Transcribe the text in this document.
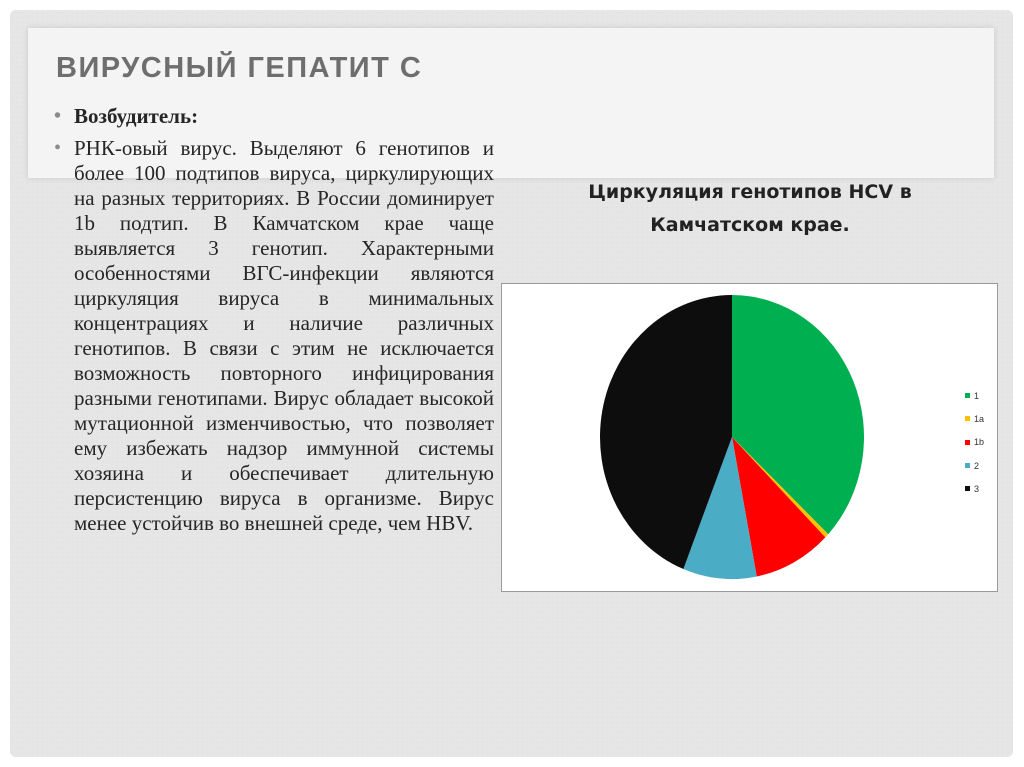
ВИРУСНЫЙ ГЕПАТИТ С
• Возбудитель:
• РНК-овый вирус. Выделяют 6 генотипов и более 100 подтипов вируса, циркулирующих на разных территориях. В России доминирует 1b подтип. В Камчатском крае чаще выявляется 3 генотип. Характерными особенностями ВГС-инфекции являются циркуляция вируса в минимальных концентрациях и наличие различных генотипов. В связи с этим не исключается возможность повторного инфицирования разными генотипами. Вирус обладает высокой мутационной изменчивостью, что позволяет ему избежать надзор иммунной системы хозяина и обеспечивает длительную персистенцию вируса в организме. Вирус менее устойчив во внешней среде, чем HBV.

Циркуляция генотипов HCV в Камчатском крае.

1
1a
1b
2
3
